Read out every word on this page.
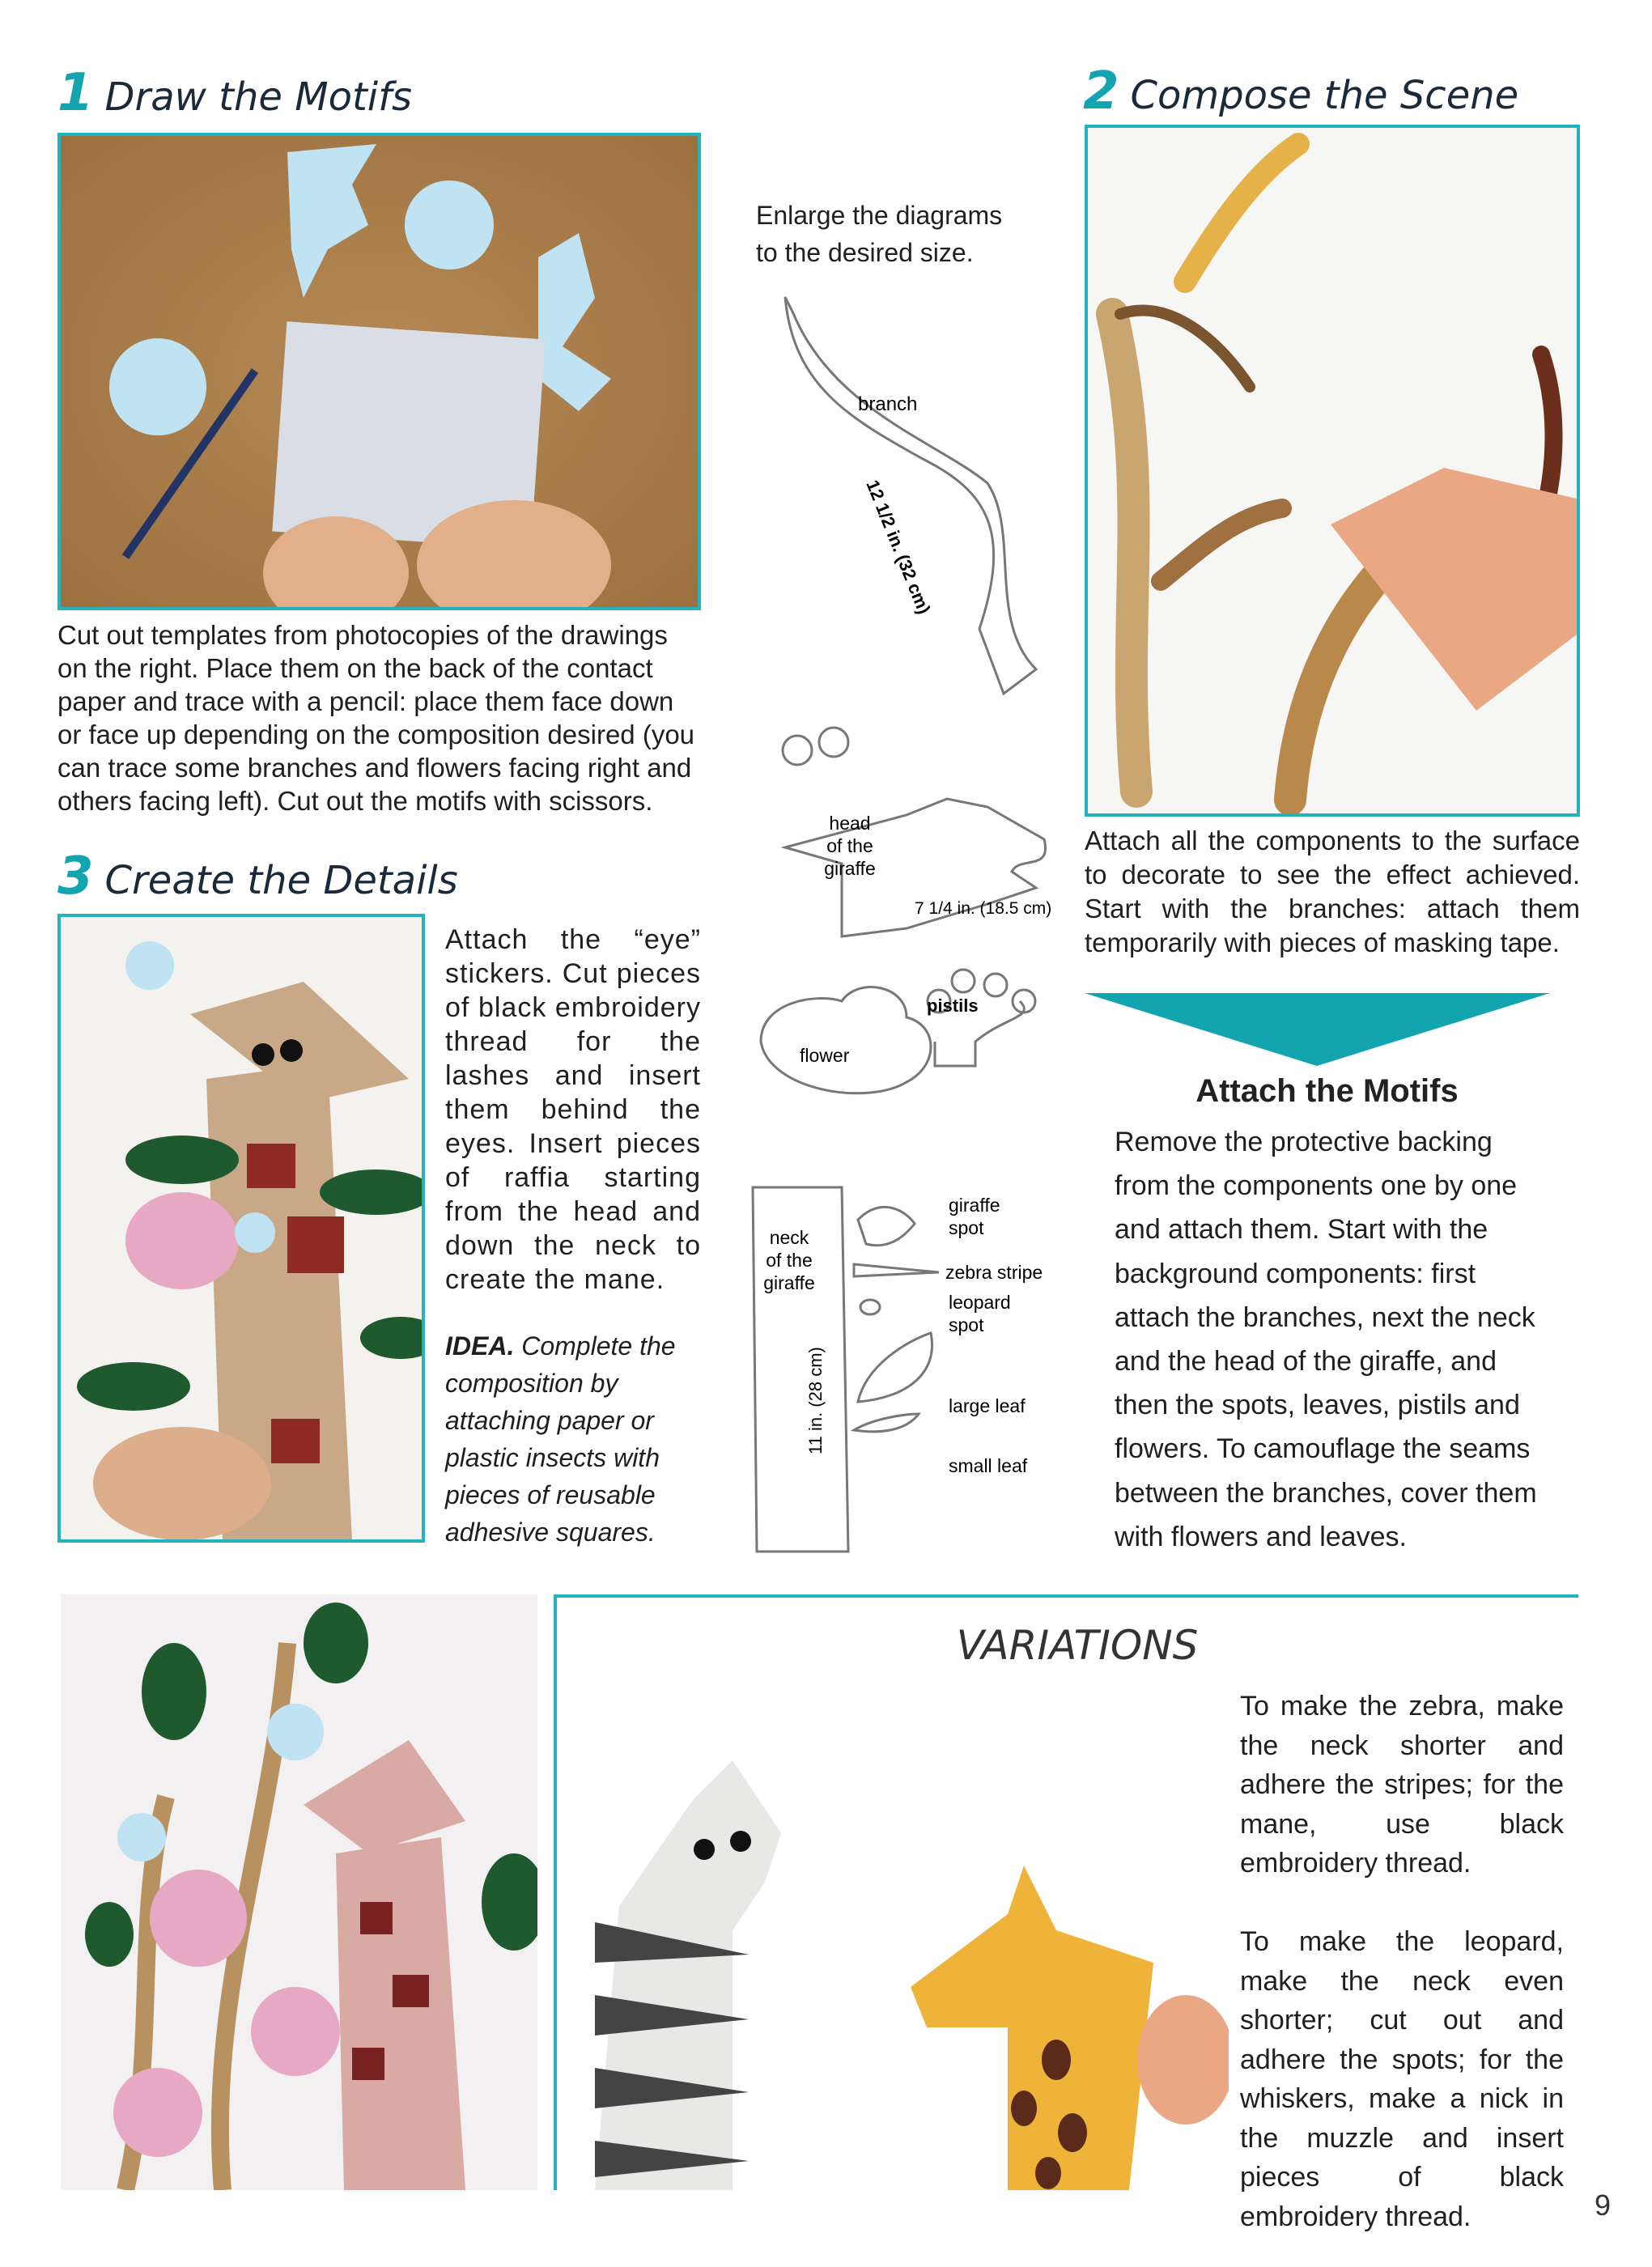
1 Draw the Motifs
Cut out templates from photocopies of the drawings on the right. Place them on the back of the contact paper and trace with a pencil: place them face down or face up depending on the composition desired (you can trace some branches and flowers facing right and others facing left). Cut out the motifs with scissors.
3 Create the Details
Attach the “eye” stickers. Cut pieces of black embroidery thread for the lashes and insert them behind the eyes. Insert pieces of raffia starting from the head and down the neck to create the mane.
IDEA. Complete the composition by attaching paper or plastic insects with pieces of reusable adhesive squares.
Enlarge the diagrams to the desired size.
branch
12 1/2 in. (32 cm)
head
of the
giraffe
7 1/4 in. (18.5 cm)
pistils
flower
neck
of the
giraffe
11 in. (28 cm)
giraffe
spot
zebra stripe
leopard
spot
large leaf
small leaf
2 Compose the Scene
Attach all the components to the surface to decorate to see the effect achieved. Start with the branches: attach them temporarily with pieces of masking tape.
Attach the Motifs
Remove the protective backing from the components one by one and attach them. Start with the background components: first attach the branches, next the neck and the head of the giraffe, and then the spots, leaves, pistils and flowers. To camouflage the seams between the branches, cover them with flowers and leaves.
VARIATIONS
To make the zebra, make the neck shorter and adhere the stripes; for the mane, use black embroidery thread.
To make the leopard, make the neck even shorter; cut out and adhere the spots; for the whiskers, make a nick in the muzzle and insert pieces of black embroidery thread.	9
